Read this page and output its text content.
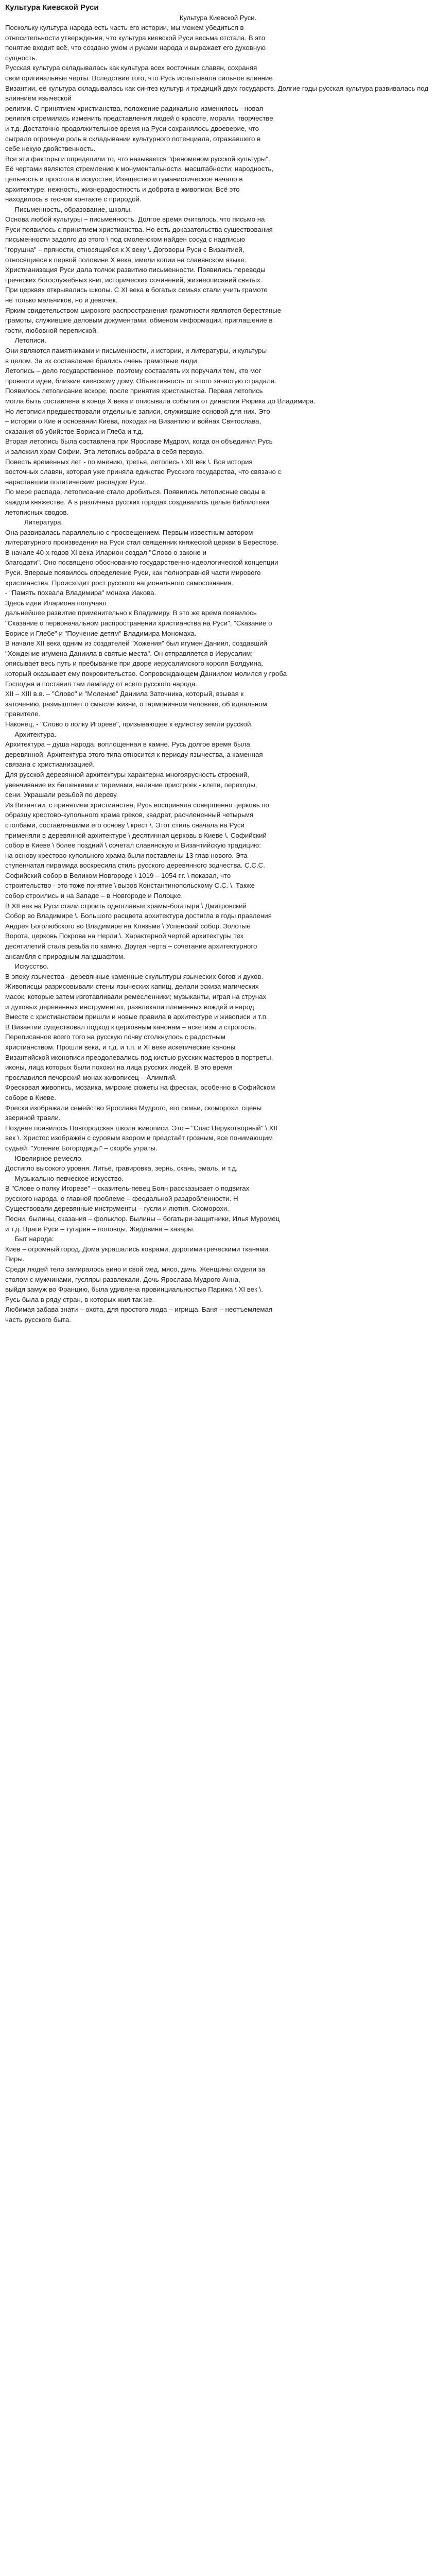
Культура Киевской Руси
Культура Киевской Руси.

Поскольку культура народа есть часть его истории, мы можем убедиться в

относительности утверждения, что культура киевской Руси весьма отстала. В это

понятие входит всё, что создано умом и руками народа и выражает его духовную

сущность.

Русская культура складывалась как культура всех восточных славян, сохраняя

свои оригинальные черты. Вследствие того, что Русь испытывала сильное влияние

Византии, её культура складывалась как синтез культур и традиций двух государств. Долгие годы русская культура развивалась под влиянием языческой

религии. С принятием христианства, положение радикально изменилось - новая

религия стремилась изменить представления людей о красоте, морали, творчестве

и т.д. Достаточно продолжительное время на Руси сохранялось двоеверие, что

сыграло огромную роль в складывании культурного потенциала, отражавшего в

себе некую двойственность.

Все эти факторы и определили то, что называется "феноменом русской культуры".

Её чертами являются стремление к монументальности, масштабности; народность,

цельность и простота в искусстве; Изящество и гуманистическое начало в

архитектуре; нежность, жизнерадостность и доброта в живописи. Всё это

находилось в тесном контакте с природой.

Письменность, образование, школы.

Основа любой культуры – письменность. Долгое время считалось, что письмо на

Руси появилось с принятием христианства. Но есть доказательства существования

письменности задолго до этого \ под смоленском найден сосуд с надписью

"горушна" – пряности, относящийся к X веку \. Договоры Руси с Византией,

относящиеся к первой половине X века, имели копии на славянском языке.

Христианизация Руси дала толчок развитию письменности. Появились переводы

греческих богослужебных книг, исторических сочинений, жизнеописаний святых.

При церквях открывались школы. С XI века в богатых семьях стали учить грамоте

не только мальчиков, но и девочек.

Ярким свидетельством широкого распространения грамотности являются берестяные

грамоты, служившие деловым документами, обменом информации, приглашение в

гости, любовной перепиской.

Летописи.

Они являются памятниками и письменности, и истории, и литературы, и культуры

в целом. За их составление брались очень грамотные люди.

Летопись – дело государственное, поэтому составлять их поручали тем, кто мог

провести идеи, близкие киевскому дому. Объективность от этого зачастую страдала.

Появилось летописание вскоре, после принятия христианства. Первая летопись

могла быть составлена в конце X века и описывала события от династии Рюрика до Владимира.

Но летописи предшествовали отдельные записи, служившие основой для них. Это

– истории о Кие и основании Киева, походах на Византию и войнах Святослава,

сказания об убийстве Бориса и Глеба и т.д.

Вторая летопись была составлена при Ярославе Мудром, когда он объединил Русь

и заложил храм Софии. Эта летопись вобрала в себя первую.

Повесть временных лет - по мнению, третья, летопись \ XII век \. Вся история

восточных славян, которая уже приняла единство Русского государства, что связано с

нараставшим политическим распадом Руси.

По мере распада, летописание стало дробиться. Появились летописные своды в

каждом княжестве. А в различных русских городах создавались целые библиотеки

летописных сводов.

Литература.

Она развивалась параллельно с просвещением. Первым известным автором

литературного произведения на Руси стал священник княжеской церкви в Берестове.

В начале 40-х годов XI века Иларион создал "Слово о законе и

благодати". Оно посвящено обоснованию государственно-идеологической концепции

Руси. Впервые появилось определение Руси, как полноправной части мирового

христианства. Происходит рост русского национального самосознания.

- "Память похвала Владимира" монаха Иакова.

Здесь идеи Илариона получают

дальнейшее развитие применительно к Владимиру. В это же время появилось

"Сказание о первоначальном распространении христианства на Руси", "Сказание о

Борисе и Глебе" и "Поучение детям" Владимира Мономаха.

В начале XII века одним из создателей "Хожения" был игумен Даниил, создавший

"Хождение игумена Даниила в святые места". Он отправляется в Иерусалим;

описывает весь путь и пребывание при дворе иерусалимского короля Болдуина,

который оказывает ему покровительство. Сопровождающем Даниилом молился у гроба

Господня и поставил там лампаду от всего русского народа.

XII – XIII в.в. – "Слово" и "Моление" Даниила Заточника, который, взывая к

заточению, размышляет о смысле жизни, о гармоничном человеке, об идеальном

правителе.

Наконец, - "Слово о полку Игореве", призывающее к единству земли русской.

Архитектура.

Архитектура – душа народа, воплощенная в камне. Русь долгое время была

деревянной. Архитектура этого типа относится к периоду язычества, а каменная

связана с христианизацией.

Для русской деревянной архитектуры характерна многоярусность строений,

увенчивание их башенками и теремами, наличие пристроек - клети, переходы,

сени. Украшали резьбой по дереву.

Из Византии, с принятием христианства, Русь восприняла совершенно церковь по

образцу крестово-купольного храма греков, квадрат, расчлененный четырьмя

столбами, составлявшими его основу \ крест \. Этот стиль сначала на Руси

применяли в деревянной архитектуре \ десятинная церковь в Киеве \. Софийский

собор в Киеве \ более поздний \ сочетал славянскую и Византийскую традицию:

на основу крестово-купольного храма были поставлены 13 глав нового. Эта

ступенчатая пирамида воскресила стиль русского деревянного зодчества. С.С.С.

Софийский собор в Великом Новгороде \ 1019 – 1054 г.г. \ показал, что

строительство - это тоже понятие \ вызов Константинопольскому С.С. \. Также

собор строились и на Западе – в Новгороде и Полоцке.

В XII век на Руси стали строить одноглавые храмы-богатыри \ Дмитровский

Собор во Владимире \. Большого расцвета архитектура достигла в годы правления

Андрея Боголюбского во Владимире на Клязьме \ Успенский собор. Золотые

Ворота, церковь Покрова на Нерли \. Характерной чертой архитектуры тех

десятилетий стала резьба по камню. Другая черта – сочетание архитектурного

ансамбля с природным ландшафтом.

Искусство.

В эпоху язычества - деревянные каменные скульптуры языческих богов и духов.

Живописцы разрисовывали стены языческих капищ, делали эскиза магических

масок, которые затем изготавливали ремесленники; музыканты, играя на струнах

и духовых деревянных инструментах, развлекали племенных вождей и народ.

Вместе с христианством пришли и новые правила в архитектуре и живописи и т.п.

В Византии существовал подход к церковным канонам – аскетизм и строгость.

Переписанное всего того на русскую почву столкнулось с радостным

христианством. Прошли века, и т.д. и т.п. и XI веке аскетические каноны

Византийской иконописи преодолевались под кистью русских мастеров в портреты,

иконы, лица которых были похожи на лица русских людей. В это время

прославился печорский монах-живописец – Алимпий.

Фресковая живопись, мозаика, мирские сюжеты на фресках, особенно в Софийском

соборе в Киеве.

Фрески изображали семейство Ярослава Мудрого, его семьи, скоморохи, сцены

звериной травли.

Позднее появилось Новгородская школа живописи. Это – "Спас Нерукотворный" \ XII

век \. Христос изображён с суровым взором и предстаёт грозным, все понимающим

судьёй. "Успение Богородицы" – скорбь утраты.

Ювелирное ремесло.

Достигло высокого уровня. Литьё, гравировка, зернь, скань, эмаль, и т.д.

Музыкально-певческое искусство.

В "Слове о полку Игореве" – сказитель-певец Боян рассказывает о подвигах

русского народа, о главной проблеме – феодальной раздробленности. Н

Существовали деревянные инструменты – гусли и лютня. Скоморохи.

Песни, былины, сказания – фольклор. Былины – богатыри-защитники, Илья Муромец

и т.д. Враги Руси – тугарин – половцы, Жидовина – хазары.

Быт народа:

Киев – огромный город. Дома украшались коврами, дорогими греческими тканями.

Пиры.

Среди людей тело замиралось вино и свой мёд, мясо, дичь. Женщины сидели за

столом с мужчинами, гусляры развлекали. Дочь Ярослава Мудрого Анна,

выйдя замуж во Францию, была удивлена провинциальностью Парижа \ XI век \.

Русь была в ряду стран, в которых жил так же.

Любимая забава знати – охота, для простого люда – игрища. Баня – неотъемлемая

часть русского быта.
